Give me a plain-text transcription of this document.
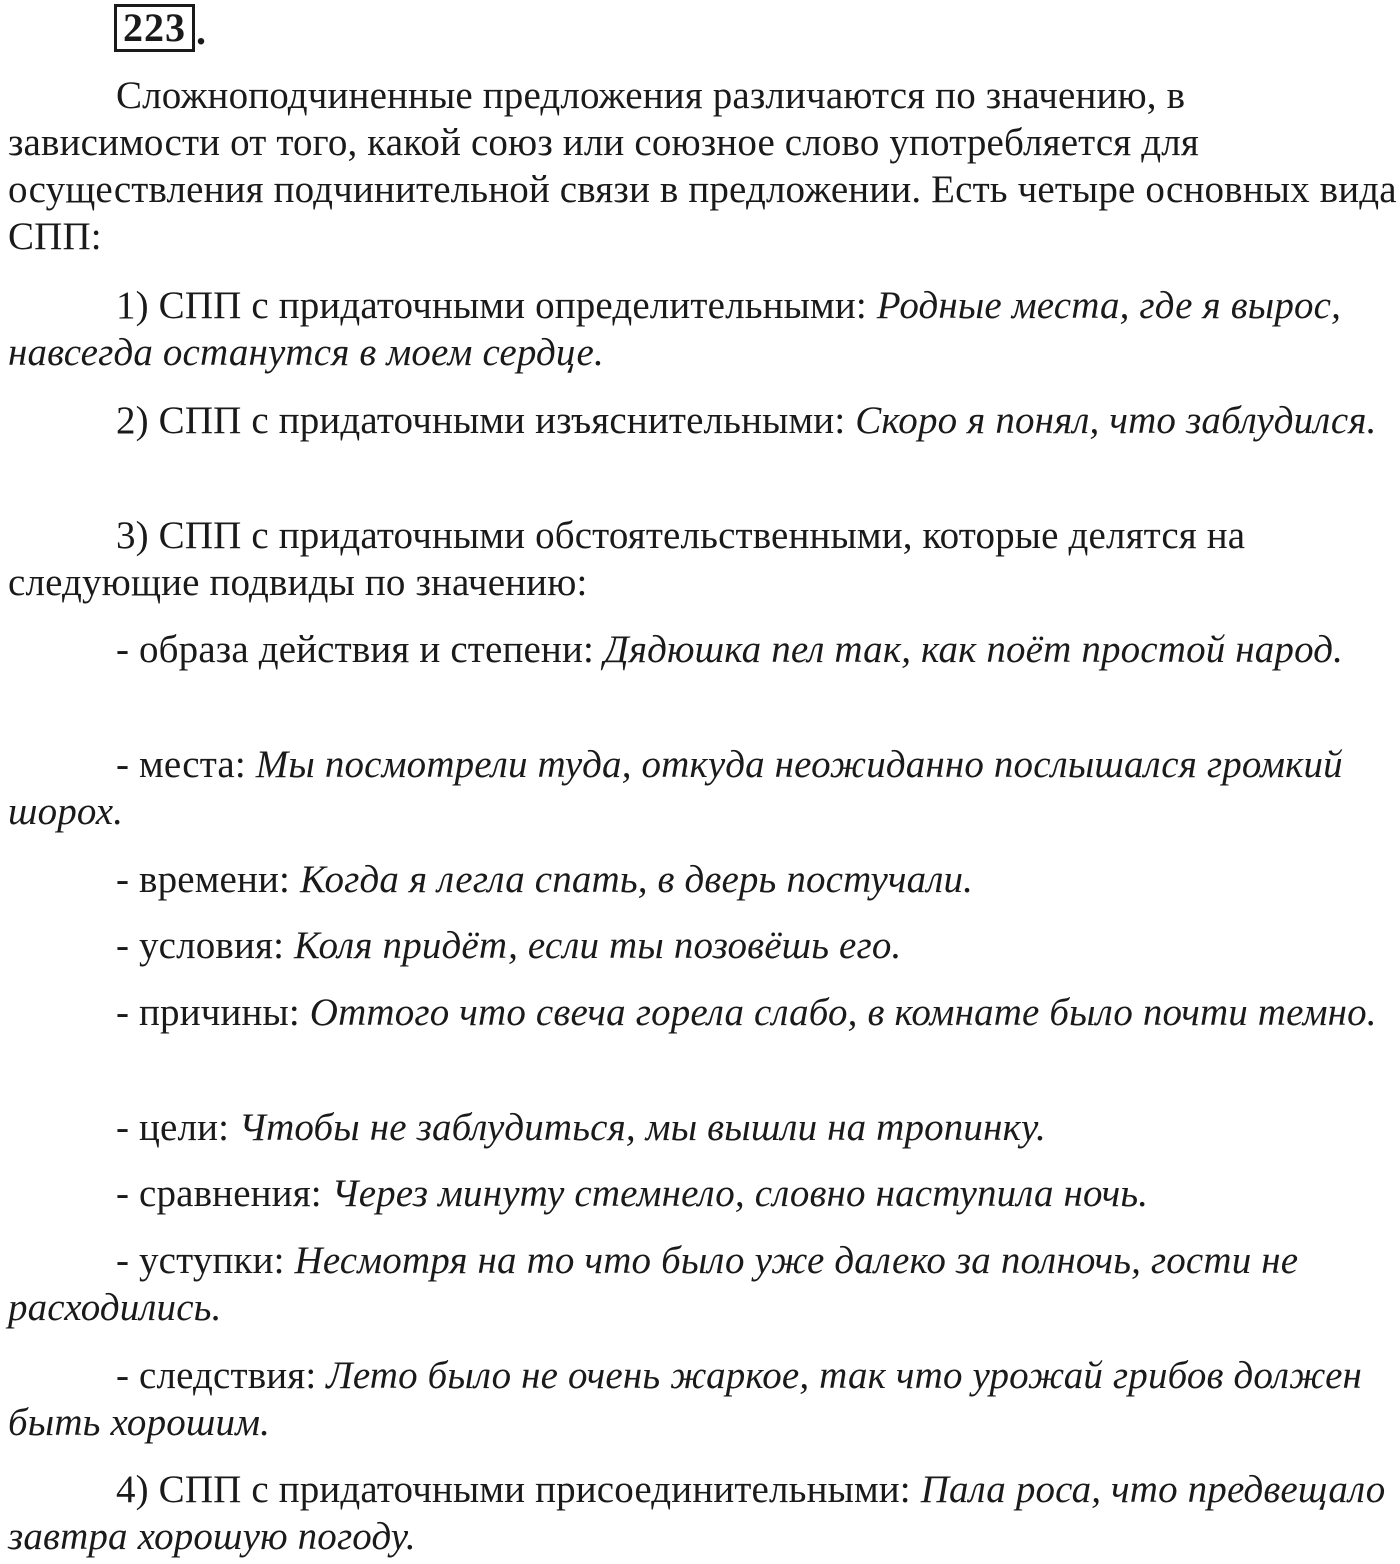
223 .

Сложноподчиненные предложения различаются по значению, в зависимости от того, какой союз или союзное слово употребляется для осуществления подчинительной связи в предложении. Есть четыре основных вида СПП:

1) СПП с придаточными определительными: Родные места, где я вырос, навсегда останутся в моем сердце.

2) СПП с придаточными изъяснительными: Скоро я понял, что заблудился.

3) СПП с придаточными обстоятельственными, которые делятся на следующие подвиды по значению:

- образа действия и степени: Дядюшка пел так, как поёт простой народ.

- места: Мы посмотрели туда, откуда неожиданно послышался громкий шорох.

- времени: Когда я легла спать, в дверь постучали.

- условия: Коля придёт, если ты позовёшь его.

- причины: Оттого что свеча горела слабо, в комнате было почти темно.

- цели: Чтобы не заблудиться, мы вышли на тропинку.

- сравнения: Через минуту стемнело, словно наступила ночь.

- уступки: Несмотря на то что было уже далеко за полночь, гости не расходились.

- следствия: Лето было не очень жаркое, так что урожай грибов должен быть хорошим.

4) СПП с придаточными присоединительными: Пала роса, что предвещало завтра хорошую погоду.
